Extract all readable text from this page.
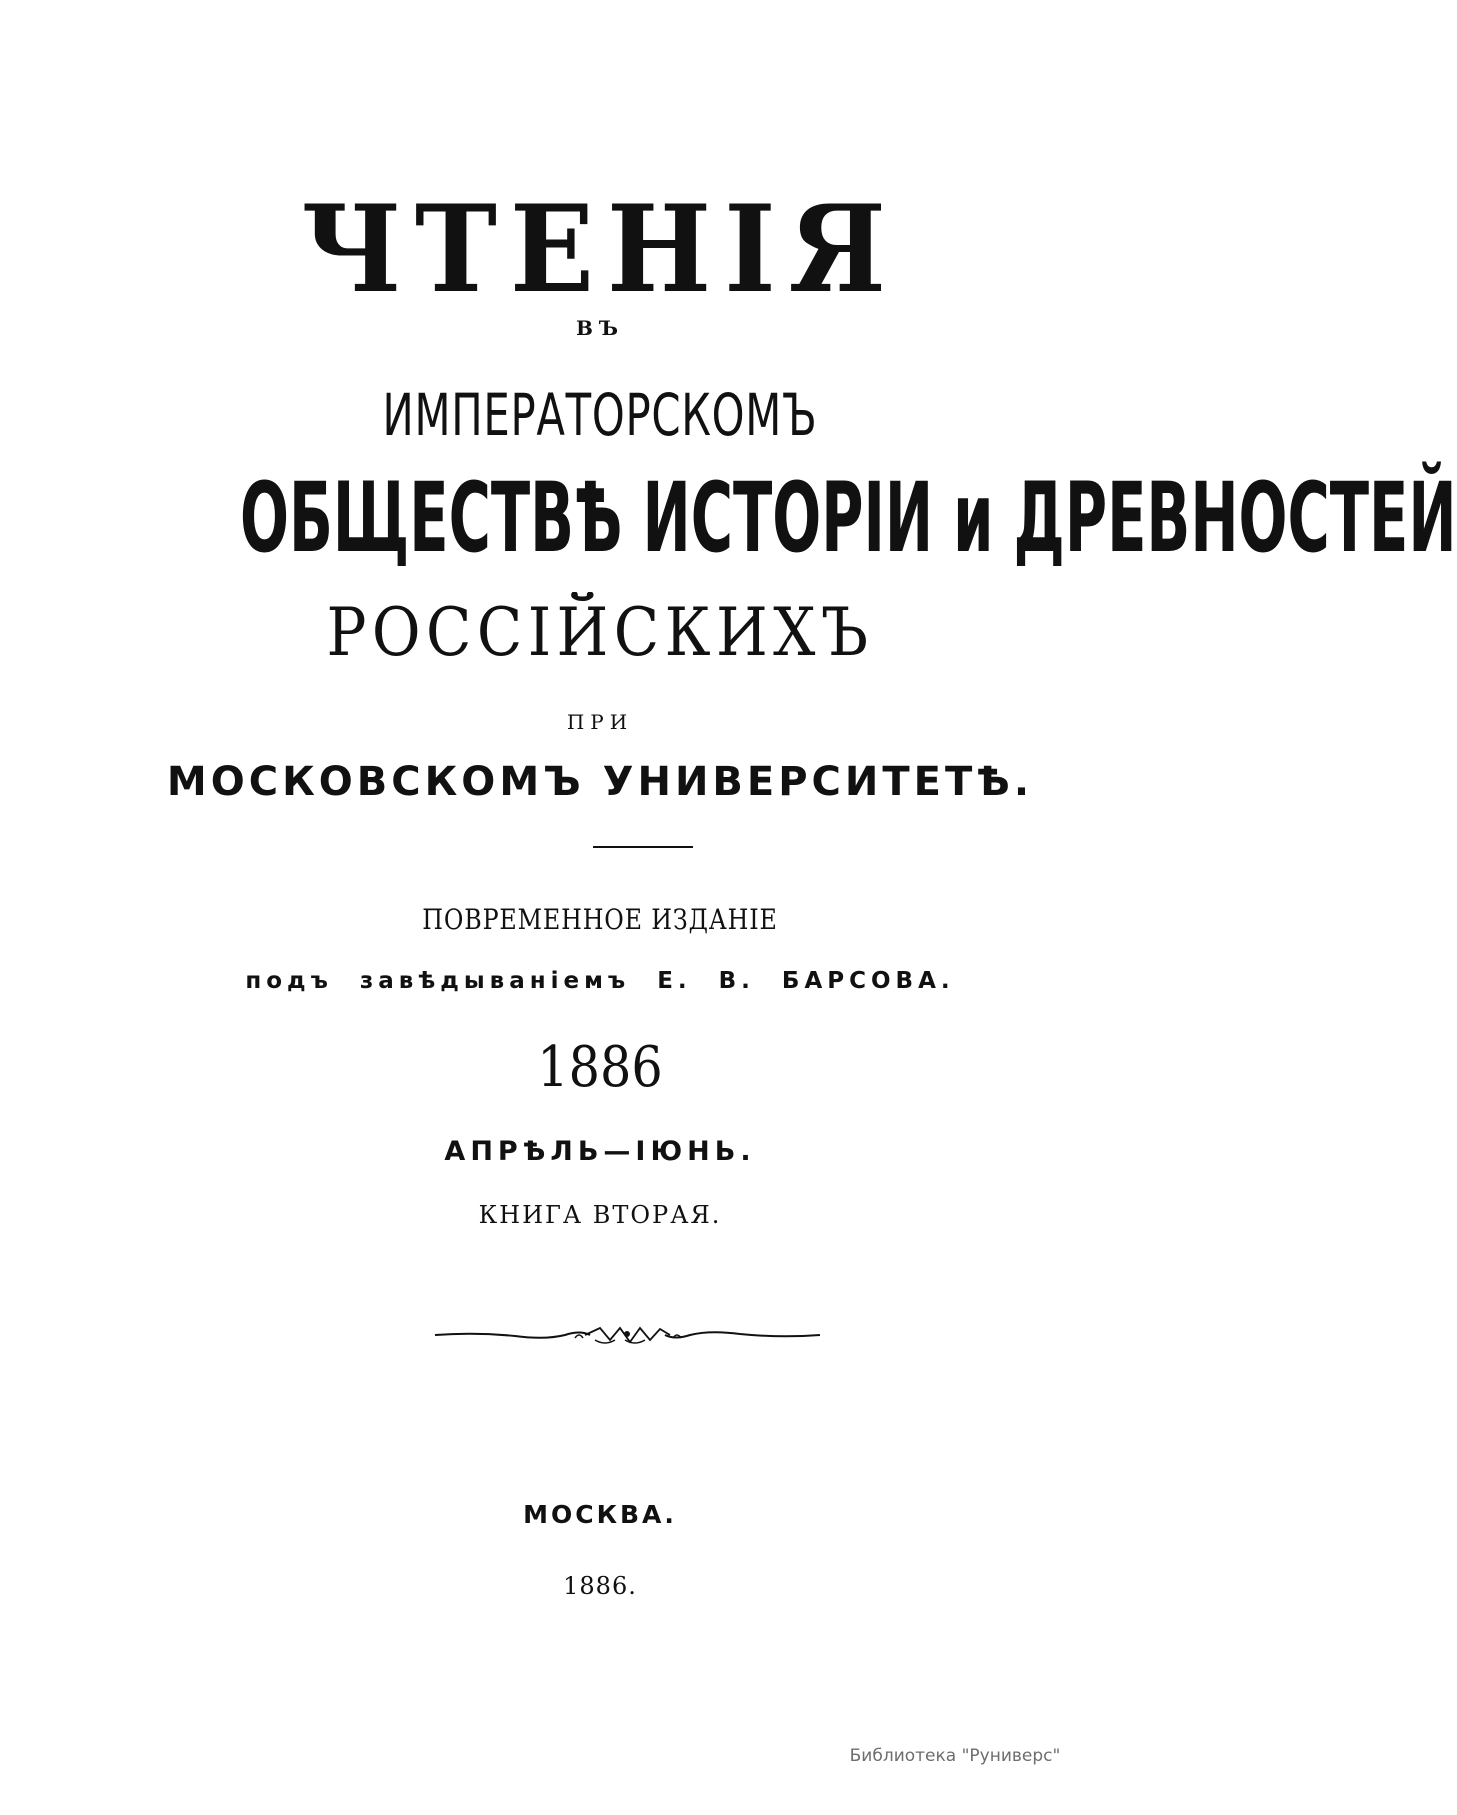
ЧТЕНІЯ
ВЪ
ИМПЕРАТОРСКОМЪ
ОБЩЕСТВѢ ИСТОРІИ и ДРЕВНОСТЕЙ
РОССІЙСКИХЪ
ПРИ
МОСКОВСКОМЪ УНИВЕРСИТЕТѢ.
ПОВРЕМЕННОЕ ИЗДАНІЕ
подъ завѣдываніемъ Е. В. БАРСОВА.
1886
АПРѢЛЬ—ІЮНЬ.
КНИГА ВТОРАЯ.
МОСКВА.
1886.
Библиотека "Руниверс"
